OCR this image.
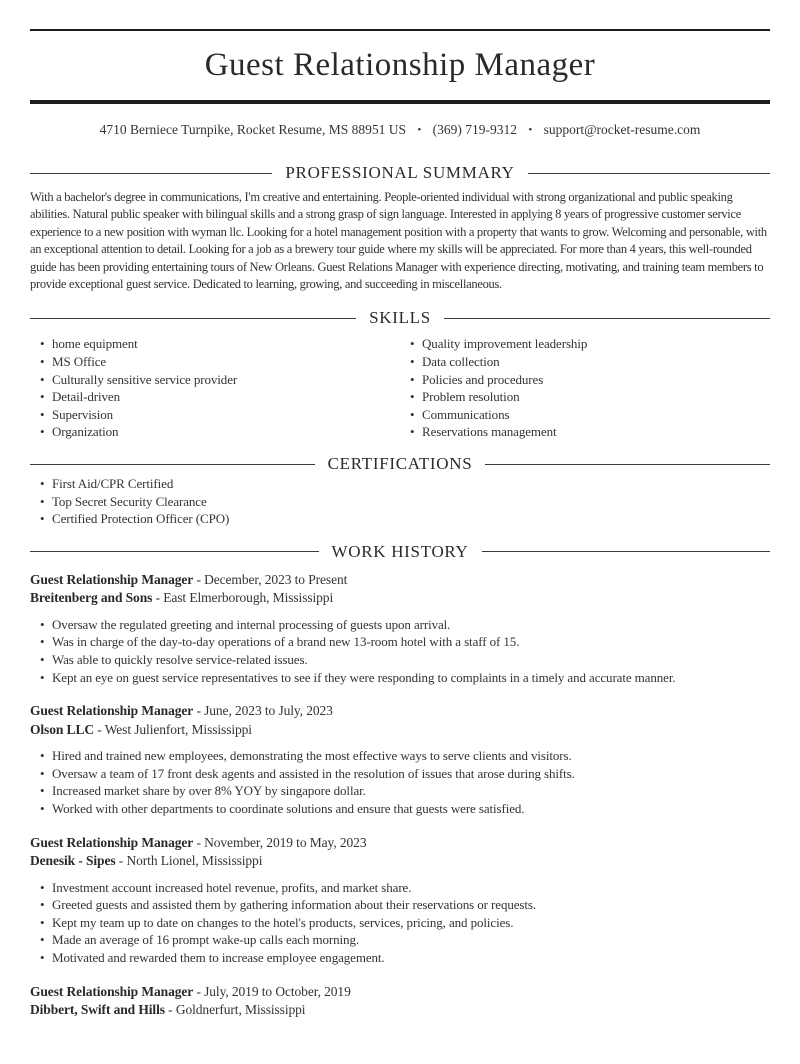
Guest Relationship Manager
4710 Berniece Turnpike, Rocket Resume, MS 88951 US • (369) 719-9312 • support@rocket-resume.com
PROFESSIONAL SUMMARY

With a bachelor's degree in communications, I'm creative and entertaining. People-oriented individual with strong organizational and public speaking abilities. Natural public speaker with bilingual skills and a strong grasp of sign language. Interested in applying 8 years of progressive customer service experience to a new position with wyman llc. Looking for a hotel management position with a property that wants to grow. Welcoming and personable, with an exceptional attention to detail. Looking for a job as a brewery tour guide where my skills will be appreciated. For more than 4 years, this well-rounded guide has been providing entertaining tours of New Orleans. Guest Relations Manager with experience directing, motivating, and training team members to provide exceptional guest service. Dedicated to learning, growing, and succeeding in miscellaneous.

SKILLS
• home equipment
• MS Office
• Culturally sensitive service provider
• Detail-driven
• Supervision
• Organization
• Quality improvement leadership
• Data collection
• Policies and procedures
• Problem resolution
• Communications
• Reservations management
CERTIFICATIONS
• First Aid/CPR Certified
• Top Secret Security Clearance
• Certified Protection Officer (CPO)
WORK HISTORY
Guest Relationship Manager - December, 2023 to Present
Breitenberg and Sons - East Elmerborough, Mississippi
• Oversaw the regulated greeting and internal processing of guests upon arrival.
• Was in charge of the day-to-day operations of a brand new 13-room hotel with a staff of 15.
• Was able to quickly resolve service-related issues.
• Kept an eye on guest service representatives to see if they were responding to complaints in a timely and accurate manner.
Guest Relationship Manager - June, 2023 to July, 2023
Olson LLC - West Julienfort, Mississippi
• Hired and trained new employees, demonstrating the most effective ways to serve clients and visitors.
• Oversaw a team of 17 front desk agents and assisted in the resolution of issues that arose during shifts.
• Increased market share by over 8% YOY by singapore dollar.
• Worked with other departments to coordinate solutions and ensure that guests were satisfied.
Guest Relationship Manager - November, 2019 to May, 2023
Denesik - Sipes - North Lionel, Mississippi
• Investment account increased hotel revenue, profits, and market share.
• Greeted guests and assisted them by gathering information about their reservations or requests.
• Kept my team up to date on changes to the hotel's products, services, pricing, and policies.
• Made an average of 16 prompt wake-up calls each morning.
• Motivated and rewarded them to increase employee engagement.
Guest Relationship Manager - July, 2019 to October, 2019
Dibbert, Swift and Hills - Goldnerfurt, Mississippi
